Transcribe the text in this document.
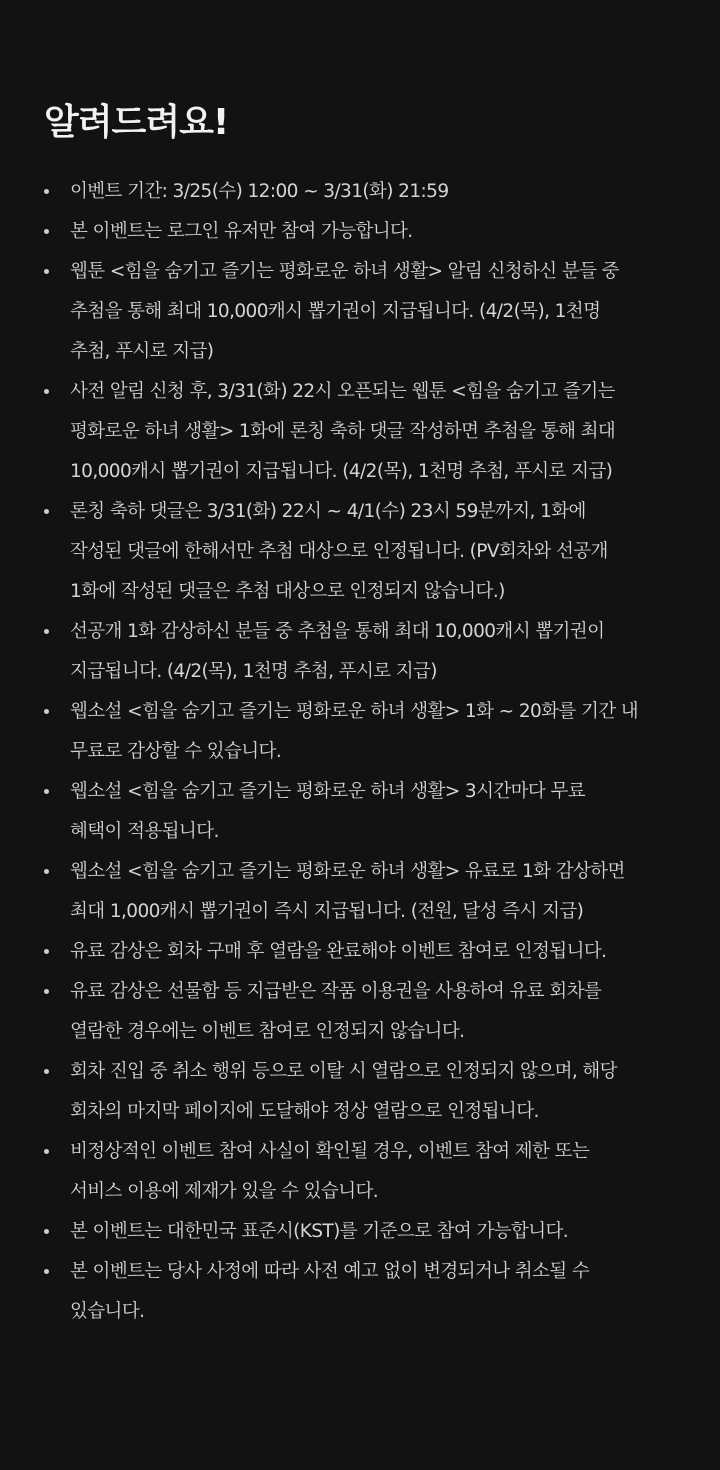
알려드려요!
이벤트 기간: 3/25(수) 12:00 ~ 3/31(화) 21:59
본 이벤트는 로그인 유저만 참여 가능합니다.
웹툰 <힘을 숨기고 즐기는 평화로운 하녀 생활> 알림 신청하신 분들 중
추첨을 통해 최대 10,000캐시 뽑기권이 지급됩니다. (4/2(목), 1천명
추첨, 푸시로 지급)
사전 알림 신청 후, 3/31(화) 22시 오픈되는 웹툰 <힘을 숨기고 즐기는
평화로운 하녀 생활> 1화에 론칭 축하 댓글 작성하면 추첨을 통해 최대
10,000캐시 뽑기권이 지급됩니다. (4/2(목), 1천명 추첨, 푸시로 지급)
론칭 축하 댓글은 3/31(화) 22시 ~ 4/1(수) 23시 59분까지, 1화에
작성된 댓글에 한해서만 추첨 대상으로 인정됩니다. (PV회차와 선공개
1화에 작성된 댓글은 추첨 대상으로 인정되지 않습니다.)
선공개 1화 감상하신 분들 중 추첨을 통해 최대 10,000캐시 뽑기권이
지급됩니다. (4/2(목), 1천명 추첨, 푸시로 지급)
웹소설 <힘을 숨기고 즐기는 평화로운 하녀 생활> 1화 ~ 20화를 기간 내
무료로 감상할 수 있습니다.
웹소설 <힘을 숨기고 즐기는 평화로운 하녀 생활> 3시간마다 무료
혜택이 적용됩니다.
웹소설 <힘을 숨기고 즐기는 평화로운 하녀 생활> 유료로 1화 감상하면
최대 1,000캐시 뽑기권이 즉시 지급됩니다. (전원, 달성 즉시 지급)
유료 감상은 회차 구매 후 열람을 완료해야 이벤트 참여로 인정됩니다.
유료 감상은 선물함 등 지급받은 작품 이용권을 사용하여 유료 회차를
열람한 경우에는 이벤트 참여로 인정되지 않습니다.
회차 진입 중 취소 행위 등으로 이탈 시 열람으로 인정되지 않으며, 해당
회차의 마지막 페이지에 도달해야 정상 열람으로 인정됩니다.
비정상적인 이벤트 참여 사실이 확인될 경우, 이벤트 참여 제한 또는
서비스 이용에 제재가 있을 수 있습니다.
본 이벤트는 대한민국 표준시(KST)를 기준으로 참여 가능합니다.
본 이벤트는 당사 사정에 따라 사전 예고 없이 변경되거나 취소될 수
있습니다.
